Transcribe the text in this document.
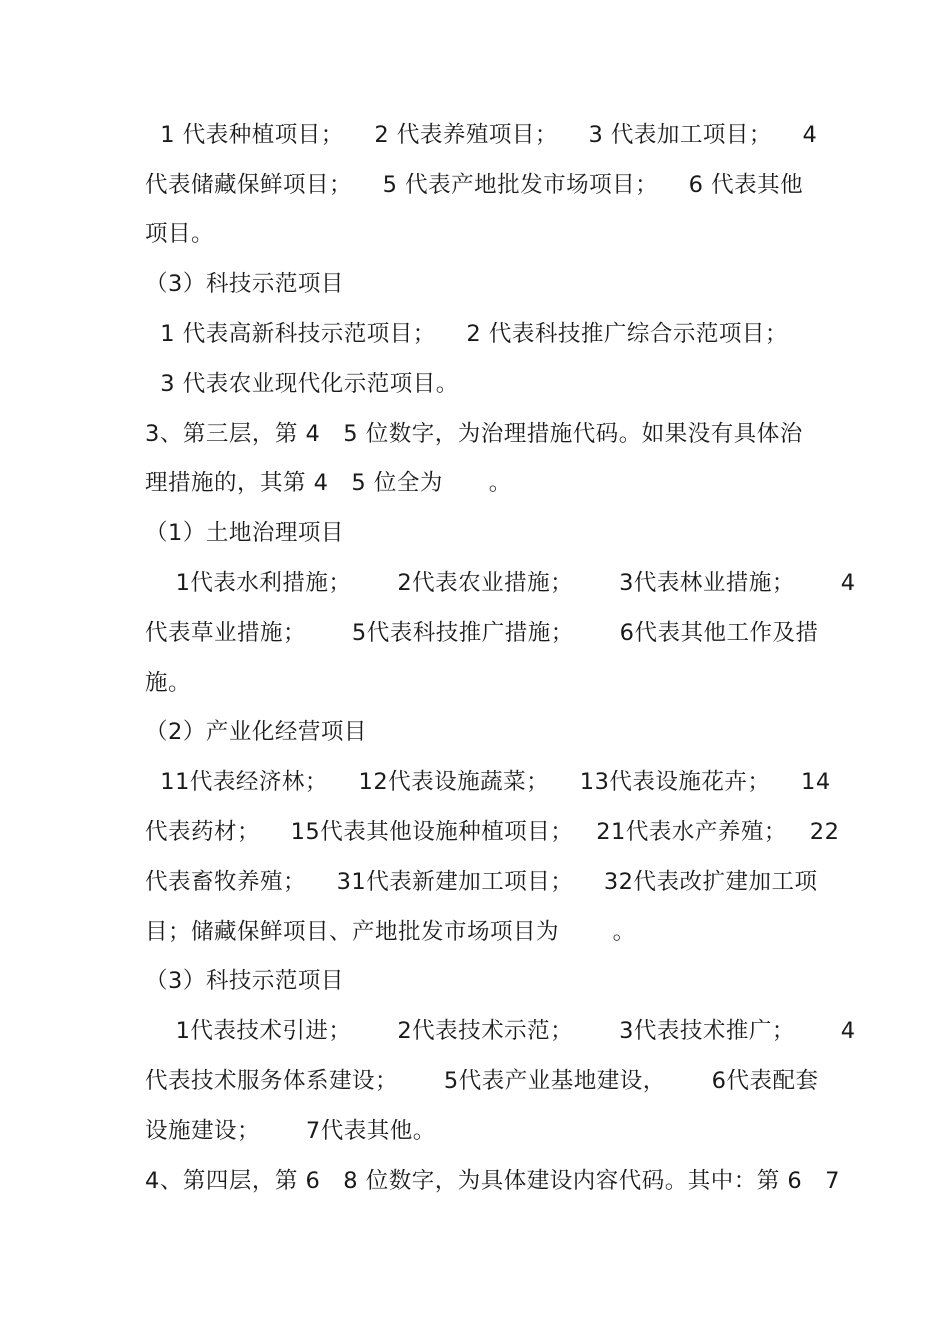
1 代表种植项目；    2 代表养殖项目；    3 代表加工项目；    4
代表储藏保鲜项目；    5 代表产地批发市场项目；    6 代表其他
项目。
（3）科技示范项目
1 代表高新科技示范项目；    2 代表科技推广综合示范项目；
3 代表农业现代化示范项目。
3、第三层，第 4   5 位数字，为治理措施代码。如果没有具体治
理措施的，其第 4   5 位全为      。
（1）土地治理项目
1代表水利措施；      2代表农业措施；      3代表林业措施；      4
代表草业措施；      5代表科技推广措施；      6代表其他工作及措
施。
（2）产业化经营项目
11代表经济林；    12代表设施蔬菜；    13代表设施花卉；    14
代表药材；    15代表其他设施种植项目；   21代表水产养殖；   22
代表畜牧养殖；    31代表新建加工项目；    32代表改扩建加工项
目；储藏保鲜项目、产地批发市场项目为       。
（3）科技示范项目
1代表技术引进；      2代表技术示范；      3代表技术推广；      4
代表技术服务体系建设；      5代表产业基地建设，      6代表配套
设施建设；      7代表其他。
4、第四层，第 6   8 位数字，为具体建设内容代码。其中：第 6   7
